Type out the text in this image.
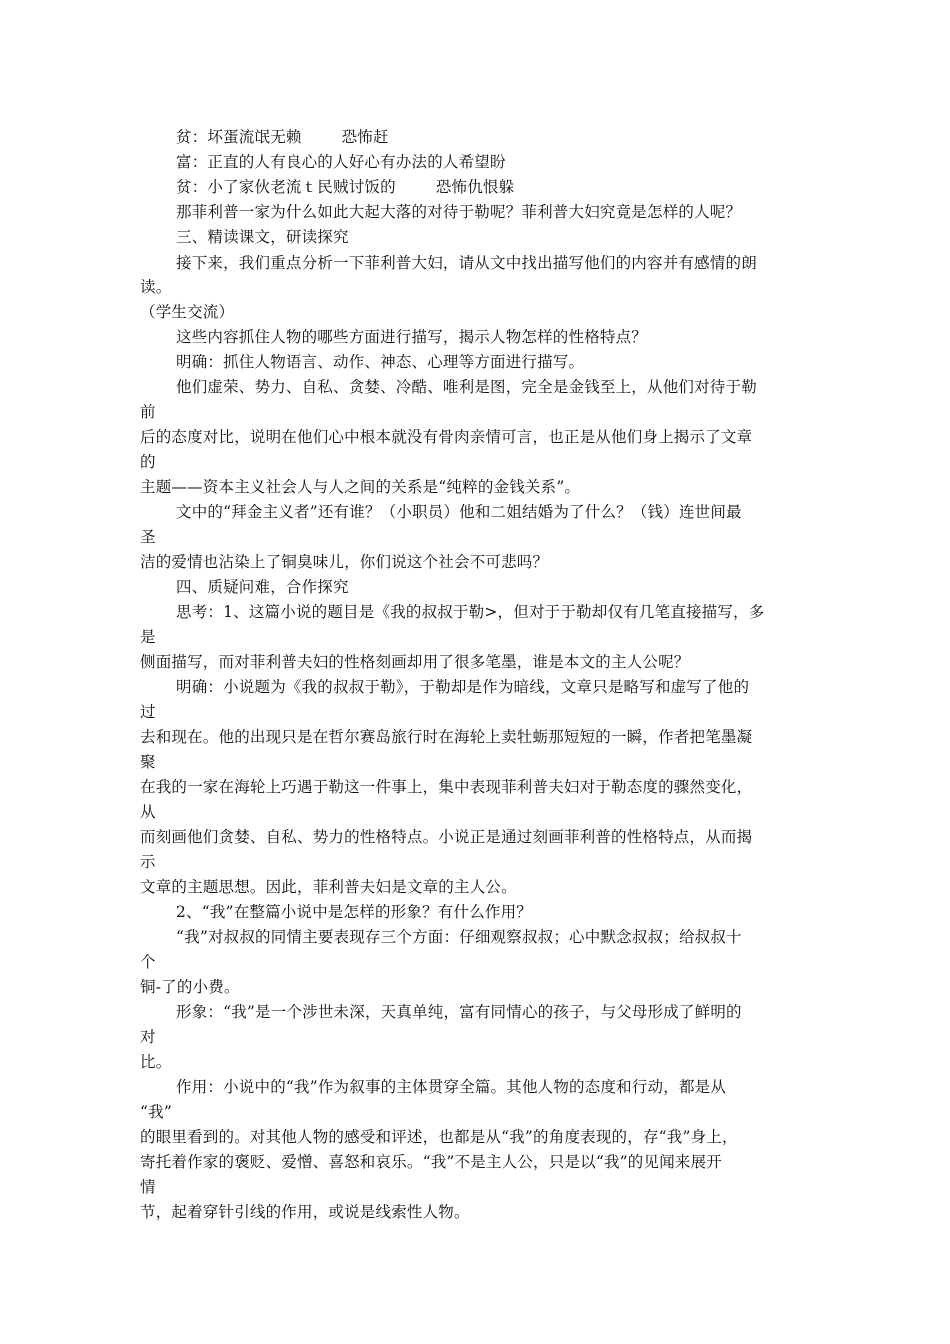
贫：坏蛋流氓无赖	恐怖赶
富：正直的人有良心的人好心有办法的人希望盼
贫：小了家伙老流ｔ民贼讨饭的	恐怖仇恨躲
那菲利普一家为什么如此大起大落的对待于勒呢？菲利普大妇究竟是怎样的人呢？
三、精读课文，研读探究
接下来，我们重点分析一下菲利普大妇，请从文中找出描写他们的内容并有感情的朗
读。
（学生交流）
这些内容抓住人物的哪些方面进行描写，揭示人物怎样的性格特点？
明确：抓住人物语言、动作、神态、心理等方面进行描写。
他们虚荣、势力、自私、贪婪、冷酷、唯利是图，完全是金钱至上，从他们对待于勒
前
后的态度对比，说明在他们心中根本就没有骨肉亲情可言，也正是从他们身上揭示了文章
的
主题——资本主义社会人与人之间的关系是“纯粹的金钱关系”。
文中的“拜金主义者”还有谁？（小职员）他和二姐结婚为了什么？（钱）连世间最
圣
洁的爱情也沾染上了铜臭味儿，你们说这个社会不可悲吗？
四、质疑问难，合作探究
思考：1、这篇小说的题目是《我的叔叔于勒>，但对于于勒却仅有几笔直接描写，多
是
侧面描写，而对菲利普夫妇的性格刻画却用了很多笔墨，谁是本文的主人公呢？
明确：小说题为《我的叔叔于勒》，于勒却是作为暗线，文章只是略写和虚写了他的
过
去和现在。他的出现只是在哲尔赛岛旅行时在海轮上卖牡蛎那短短的一瞬，作者把笔墨凝
聚
在我的一家在海轮上巧遇于勒这一件事上，集中表现菲利普夫妇对于勒态度的骤然变化，
从
而刻画他们贪婪、自私、势力的性格特点。小说正是通过刻画菲利普的性格特点，从而揭
示
文章的主题思想。因此，菲利普夫妇是文章的主人公。
2、“我”在整篇小说中是怎样的形象？有什么作用？
“我”对叔叔的同情主要表现存三个方面：仔细观察叔叔；心中默念叔叔；给叔叔十
个
铜-了的小费。
形象：“我”是一个涉世未深，天真单纯，富有同情心的孩子，与父母形成了鲜明的
对
比。
作用：小说中的“我”作为叙事的主体贯穿全篇。其他人物的态度和行动，都是从
“我”
的眼里看到的。对其他人物的感受和评述，也都是从“我”的角度表现的，存“我”身上，
寄托着作家的褒贬、爱憎、喜怒和哀乐。“我”不是主人公，只是以“我”的见闻来展开
情
节，起着穿针引线的作用，或说是线索性人物。
